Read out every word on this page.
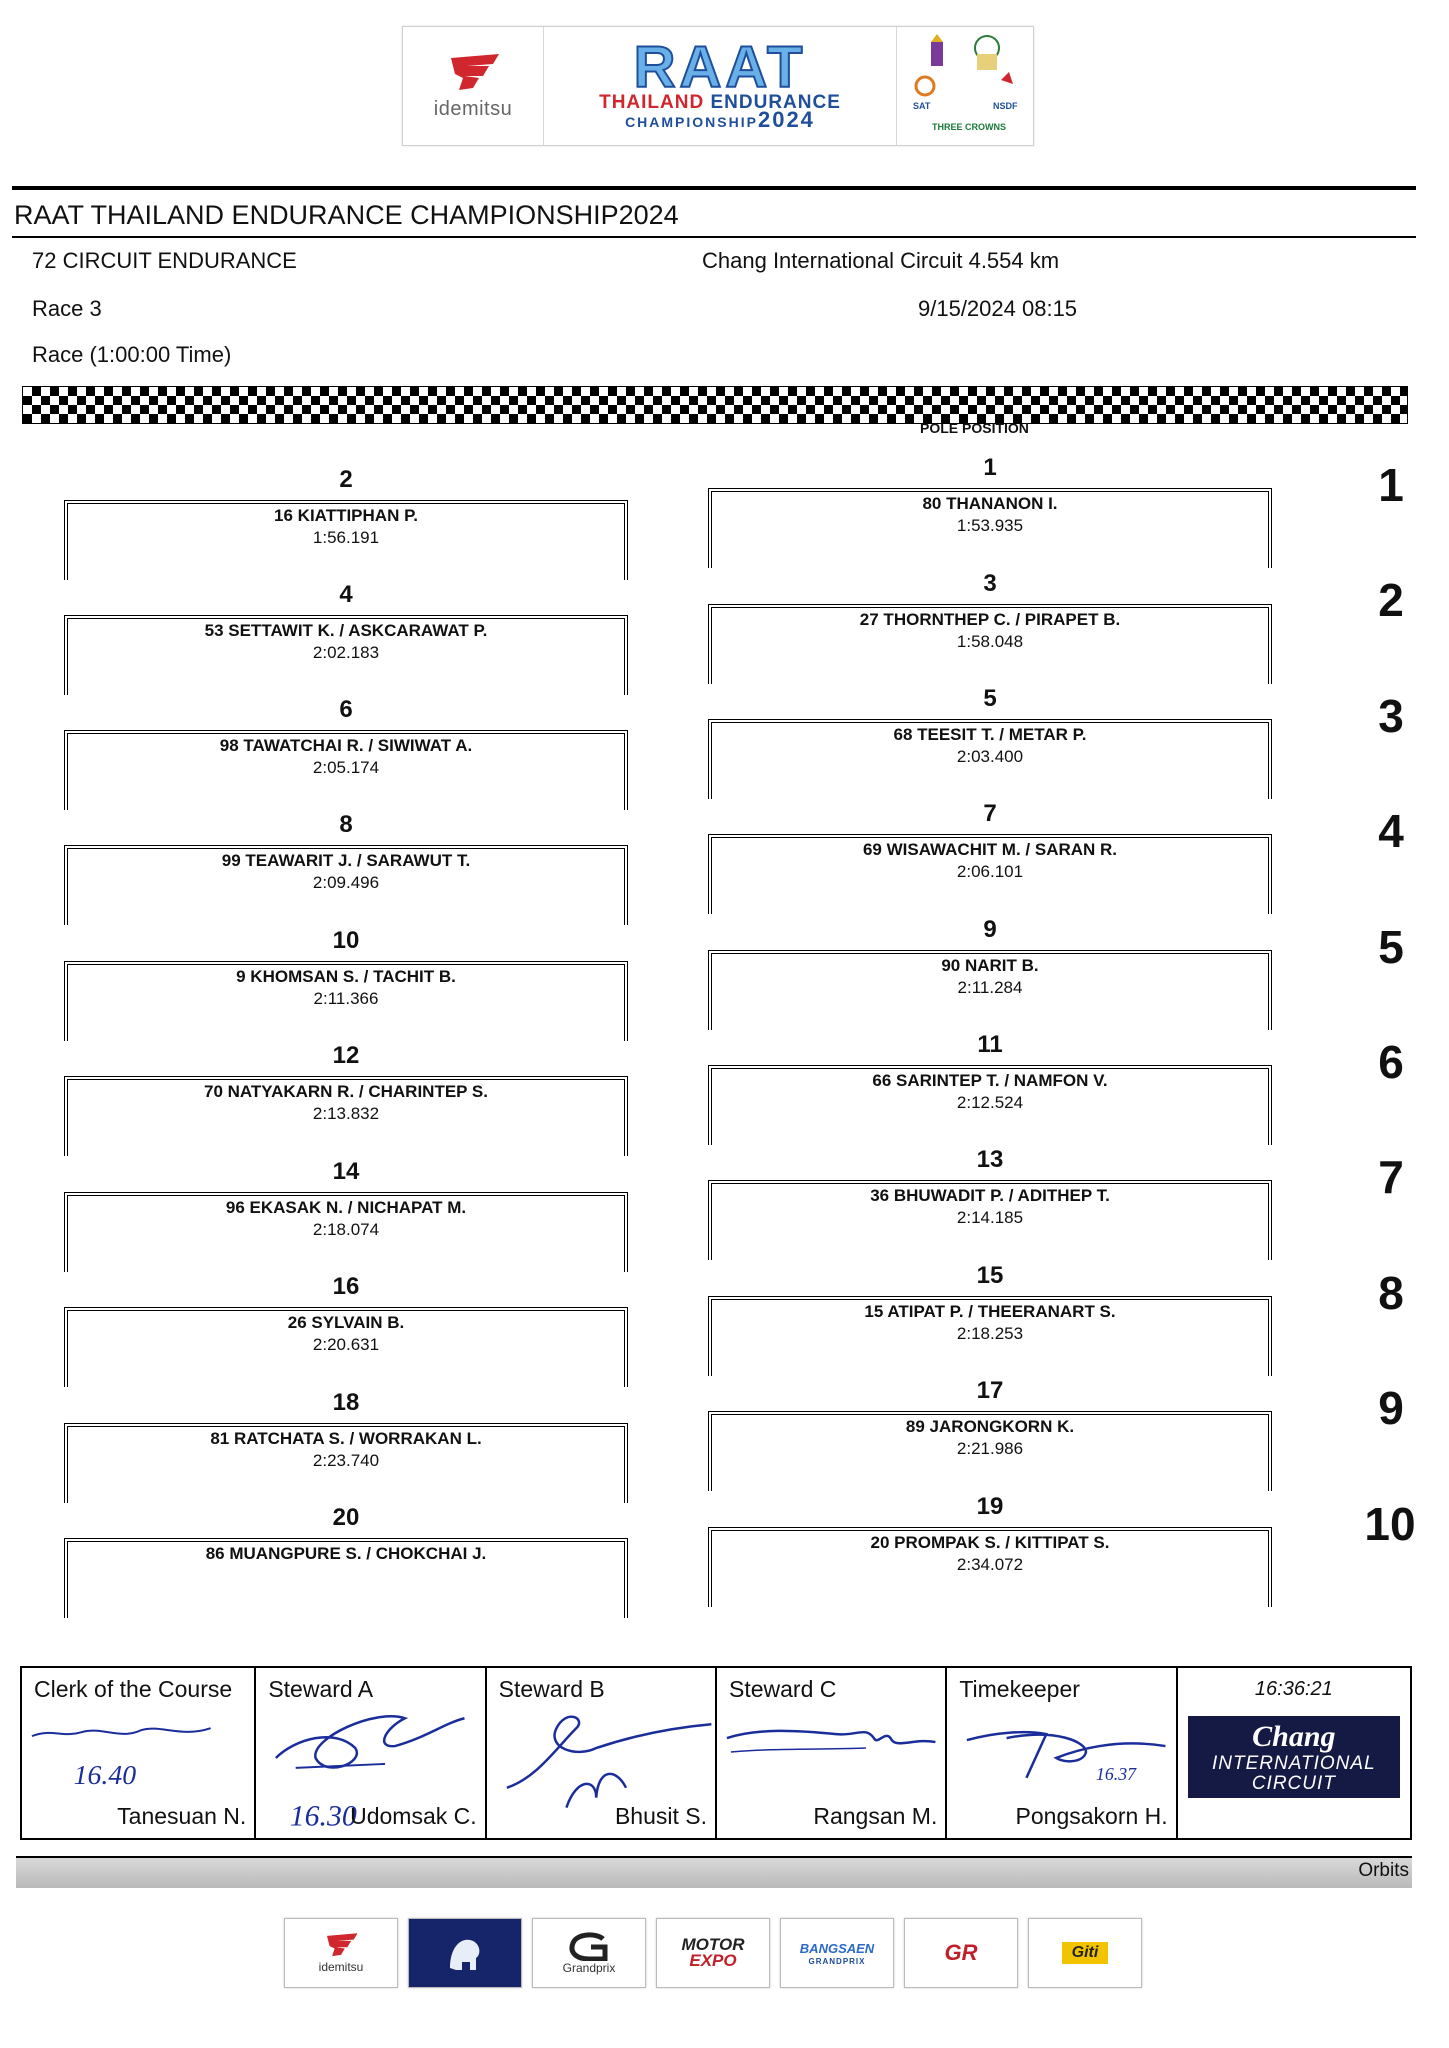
idemitsu
RAAT
THAILAND ENDURANCE
CHAMPIONSHIP2024
SAT	NSDF
THREE CROWNS
RAAT THAILAND ENDURANCE CHAMPIONSHIP2024
72 CIRCUIT ENDURANCE	Chang International Circuit 4.554 km
Race 3	9/15/2024 08:15
Race (1:00:00 Time)
POLE POSITION
2
16 KIATTIPHAN P.
1:56.191
4
53 SETTAWIT K. / ASKCARAWAT P.
2:02.183
6
98 TAWATCHAI R. / SIWIWAT A.
2:05.174
8
99 TEAWARIT J. / SARAWUT T.
2:09.496
10
9 KHOMSAN S. / TACHIT B.
2:11.366
12
70 NATYAKARN R. / CHARINTEP S.
2:13.832
14
96 EKASAK N. / NICHAPAT M.
2:18.074
16
26 SYLVAIN B.
2:20.631
18
81 RATCHATA S. / WORRAKAN L.
2:23.740
20
86 MUANGPURE S. / CHOKCHAI J.
1
80 THANANON I.
1:53.935
3
27 THORNTHEP C. / PIRAPET B.
1:58.048
5
68 TEESIT T. / METAR P.
2:03.400
7
69 WISAWACHIT M. / SARAN R.
2:06.101
9
90 NARIT B.
2:11.284
11
66 SARINTEP T. / NAMFON V.
2:12.524
13
36 BHUWADIT P. / ADITHEP T.
2:14.185
15
15 ATIPAT P. / THEERANART S.
2:18.253
17
89 JARONGKORN K.
2:21.986
19
20 PROMPAK S. / KITTIPAT S.
2:34.072
1
2
3
4
5
6
7
8
9
10
Clerk of the Course
16.40
Tanesuan N.
Steward A
16.30
Udomsak C.
Steward B
Bhusit S.
Steward C
Rangsan M.
Timekeeper
16.37
Pongsakorn H.
16:36:21
Chang
INTERNATIONAL
CIRCUIT
Orbits
idemitsu	Grandprix
MOTOR
EXPO
BANGSAEN
GRANDPRIX	GR	Giti
